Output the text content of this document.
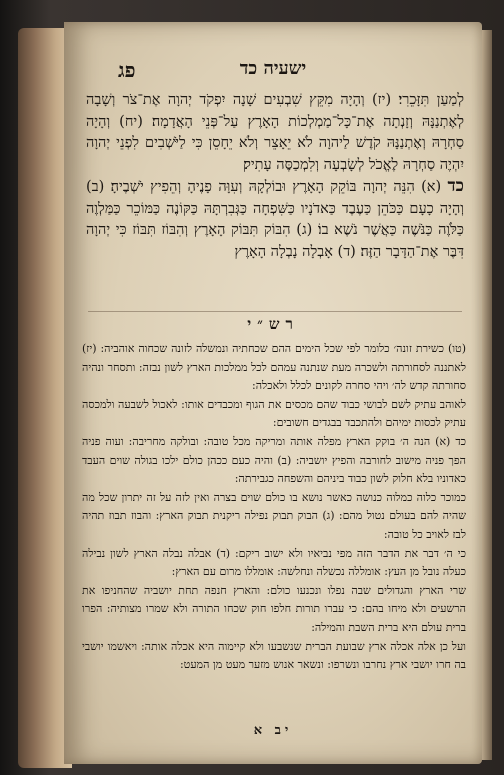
ישעיה כד
פג

לְמַעַן תִּזָּכֵרִי׃ (יז) וְהָיָה מִקֵּץ שִׁבְעִים שָׁנָה יִפְקֹד יְהוָה אֶת־צֹר וְשָׁבָה לְאֶתְנַנָּהּ וְזָנְתָה אֶת־כָּל־מַמְלְכוֹת הָאָרֶץ עַל־פְּנֵי הָאֲדָמָה׃ (יח) וְהָיָה סַחְרָהּ וְאֶתְנַנָּהּ קֹדֶשׁ לַיהוָה לֹא יֵאָצֵר וְלֹא יֵחָסֵן כִּי לַיֹּשְׁבִים לִפְנֵי יְהוָה יִהְיֶה סַחְרָהּ לֶאֱכֹל לְשָׂבְעָה וְלִמְכַסֶּה עָתִיק׃

כד (א) הִנֵּה יְהוָה בּוֹקֵק הָאָרֶץ וּבוֹלְקָהּ וְעִוָּה פָנֶיהָ וְהֵפִיץ יֹשְׁבֶיהָ׃ (ב) וְהָיָה כָעָם כַּכֹּהֵן כַּעֶבֶד כַּאדֹנָיו כַּשִּׁפְחָה כַּגְּבִרְתָּהּ כַּקּוֹנֶה כַּמּוֹכֵר כַּמַּלְוֶה כַּלֹּוֶה כַּנֹּשֶׁה כַּאֲשֶׁר נֹשֶׁא בוֹ׃ (ג) הִבּוֹק תִּבּוֹק הָאָרֶץ וְהִבּוֹז תִּבּוֹז כִּי יְהוָה דִּבֶּר אֶת־הַדָּבָר הַזֶּה׃ (ד) אָבְלָה נָבְלָה הָאָרֶץ

רש״י

(טו) כשירת זונה׳ כלומר לפי שכל הימים ההם שכחתיה ונמשלה לזונה שכחוה אוהביה: (יז) לאתננה לסחורתה ולשכרה מעת שנתנה עמהם לכל ממלכות הארץ לשון נבזה: ותסחר ונהיה סחורתה קדש לה׳ ויהי סחרה לקונים לכלל ולאכלה:

לאוהב עתיק לשם לבושי כבוד שהם מכסים את הגוף ומכבדים אותו: לאכול לשבעה ולמכסה עתיק לכסות ימיהם ולהתכבד בבגדים חשובים:

כד (א) הנה ה׳ בוקק הארץ מפלה אותה ומריקה מכל טובה: ובולקה מחריבה: ועוה פניה הפך פניה מישוב לחורבה והפיץ יושביה: (ב) והיה כעם ככהן כולם ילכו בגולה שוים העבד כאדוניו בלא חלוק לשון כבוד ביניהם והשפחה כגבירתה:

כמוכר כלוה כמלוה כנושה כאשר נושא בו כולם שוים בצרה ואין לזה על זה יתרון שכל מה שהיה להם בעולם נטול מהם: (ג) הבוק תבוק נפילה ריקנית תבוק הארץ: והבוז תבוז תהיה לבז לאויב כל טובה:

כי ה׳ דבר את הדבר הזה מפי נביאיו ולא ישוב ריקם: (ד) אבלה נבלה הארץ לשון נבילה כעלה נובל מן העץ: אומללה נכשלה ונחלשה: אומללו מרום עם הארץ:

שרי הארץ והגדולים שבה נפלו ונכנעו כולם: והארץ חנפה תחת יושביה שהחניפו את הרשעים ולא מיחו בהם: כי עברו תורות חלפו חוק שכחו התורה ולא שמרו מצותיה: הפרו ברית עולם היא ברית השבת והמילה:

ועל כן אלה אכלה ארץ שבועת הברית שנשבעו ולא קיימוה היא אכלה אותה: ויאשמו יושבי בה חרו יושבי ארץ נחרבו ונשרפו: ונשאר אנוש מזער מעט מן המעט:

יב א
